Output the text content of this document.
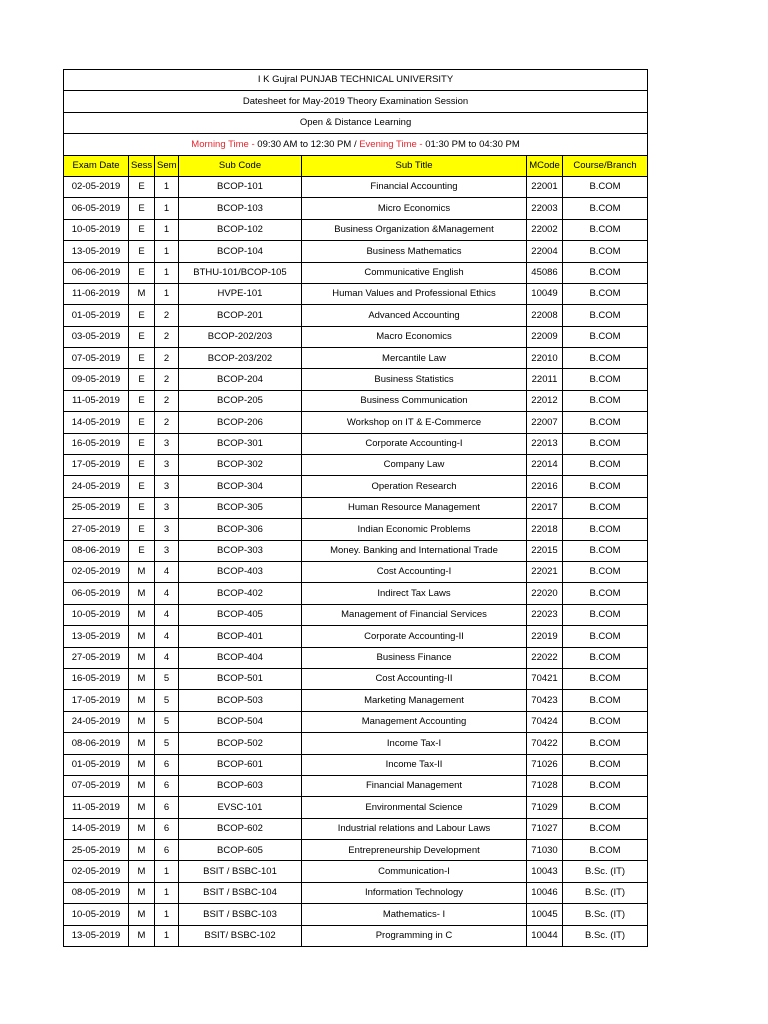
I K Gujral PUNJAB TECHNICAL UNIVERSITY						
Datesheet for May-2019 Theory Examination Session						
Open & Distance Learning						
Morning Time - 09:30 AM to 12:30 PM / Evening Time - 01:30 PM to 04:30 PM						
Exam Date	Sess	Sem	Sub Code	Sub Title	MCode	Course/Branch
02-05-2019	E	1	BCOP-101	Financial Accounting	22001	B.COM
06-05-2019	E	1	BCOP-103	Micro Economics	22003	B.COM
10-05-2019	E	1	BCOP-102	Business Organization &Management	22002	B.COM
13-05-2019	E	1	BCOP-104	Business Mathematics	22004	B.COM
06-06-2019	E	1	BTHU-101/BCOP-105	Communicative English	45086	B.COM
11-06-2019	M	1	HVPE-101	Human Values and Professional Ethics	10049	B.COM
01-05-2019	E	2	BCOP-201	Advanced Accounting	22008	B.COM
03-05-2019	E	2	BCOP-202/203	Macro Economics	22009	B.COM
07-05-2019	E	2	BCOP-203/202	Mercantile Law	22010	B.COM
09-05-2019	E	2	BCOP-204	Business Statistics	22011	B.COM
11-05-2019	E	2	BCOP-205	Business Communication	22012	B.COM
14-05-2019	E	2	BCOP-206	Workshop on IT & E-Commerce	22007	B.COM
16-05-2019	E	3	BCOP-301	Corporate Accounting-I	22013	B.COM
17-05-2019	E	3	BCOP-302	Company Law	22014	B.COM
24-05-2019	E	3	BCOP-304	Operation Research	22016	B.COM
25-05-2019	E	3	BCOP-305	Human Resource Management	22017	B.COM
27-05-2019	E	3	BCOP-306	Indian Economic Problems	22018	B.COM
08-06-2019	E	3	BCOP-303	Money. Banking and International Trade	22015	B.COM
02-05-2019	M	4	BCOP-403	Cost Accounting-I	22021	B.COM
06-05-2019	M	4	BCOP-402	Indirect Tax Laws	22020	B.COM
10-05-2019	M	4	BCOP-405	Management of Financial Services	22023	B.COM
13-05-2019	M	4	BCOP-401	Corporate Accounting-II	22019	B.COM
27-05-2019	M	4	BCOP-404	Business Finance	22022	B.COM
16-05-2019	M	5	BCOP-501	Cost Accounting-II	70421	B.COM
17-05-2019	M	5	BCOP-503	Marketing Management	70423	B.COM
24-05-2019	M	5	BCOP-504	Management Accounting	70424	B.COM
08-06-2019	M	5	BCOP-502	Income Tax-I	70422	B.COM
01-05-2019	M	6	BCOP-601	Income Tax-II	71026	B.COM
07-05-2019	M	6	BCOP-603	Financial Management	71028	B.COM
11-05-2019	M	6	EVSC-101	Environmental Science	71029	B.COM
14-05-2019	M	6	BCOP-602	Industrial relations and Labour Laws	71027	B.COM
25-05-2019	M	6	BCOP-605	Entrepreneurship Development	71030	B.COM
02-05-2019	M	1	BSIT / BSBC-101	Communication-I	10043	B.Sc. (IT)
08-05-2019	M	1	BSIT / BSBC-104	Information Technology	10046	B.Sc. (IT)
10-05-2019	M	1	BSIT / BSBC-103	Mathematics- I	10045	B.Sc. (IT)
13-05-2019	M	1	BSIT/ BSBC-102	Programming in C	10044	B.Sc. (IT)
